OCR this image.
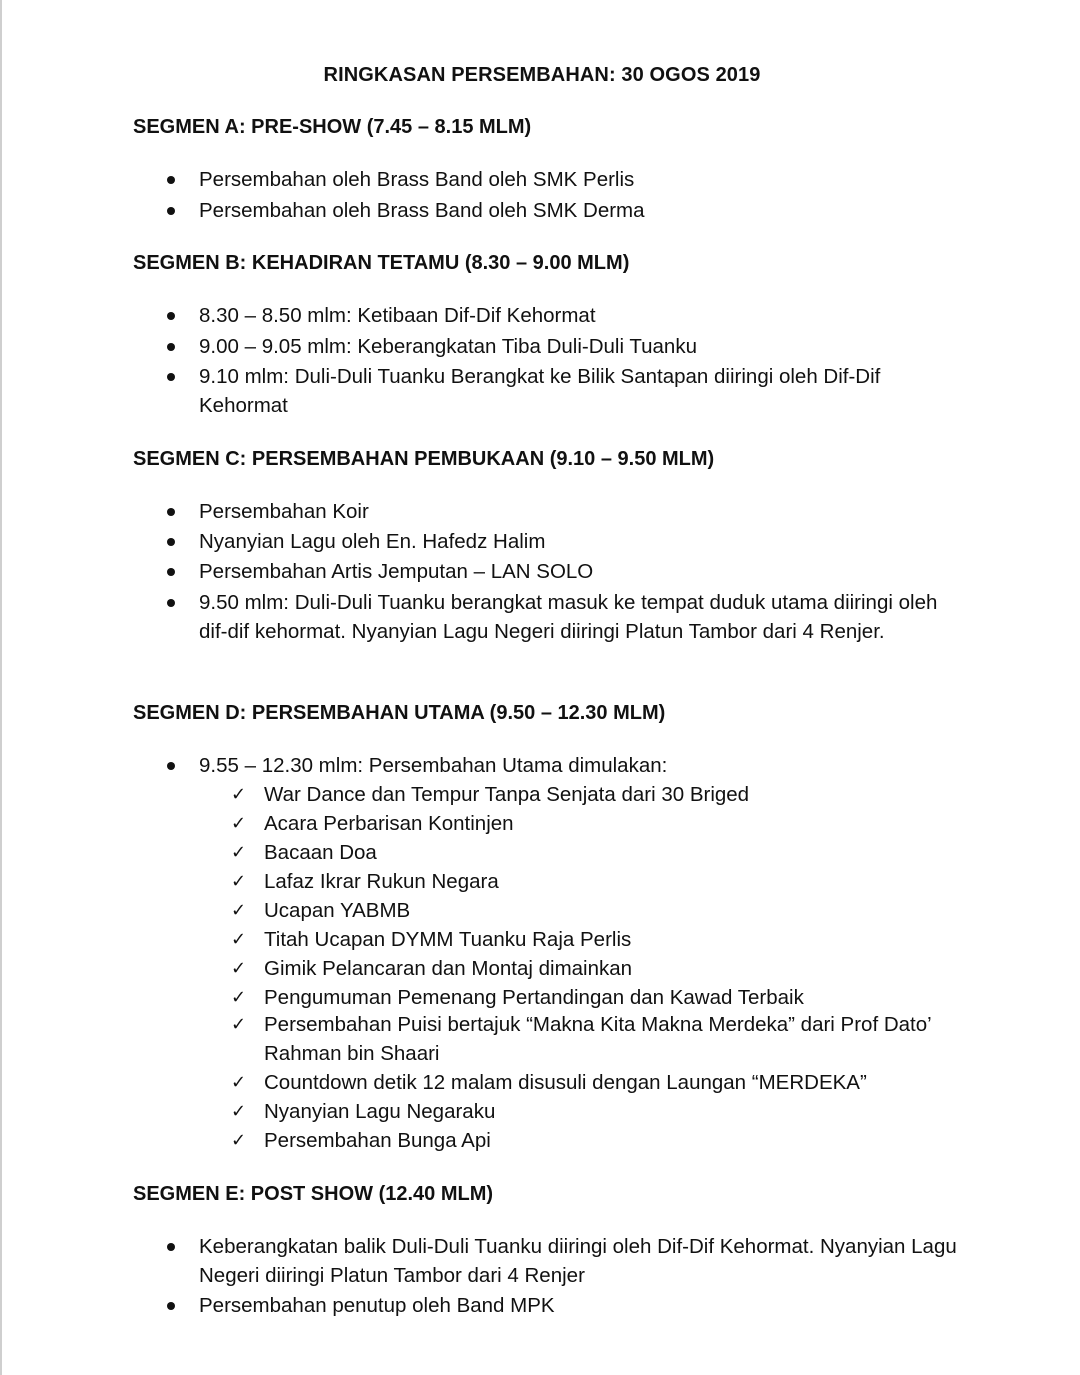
RINGKASAN PERSEMBAHAN: 30 OGOS 2019
SEGMEN A: PRE-SHOW (7.45 – 8.15 MLM)
Persembahan oleh Brass Band oleh SMK Perlis
Persembahan oleh Brass Band oleh SMK Derma
SEGMEN B: KEHADIRAN TETAMU (8.30 – 9.00 MLM)
8.30 – 8.50 mlm: Ketibaan Dif-Dif Kehormat
9.00 – 9.05 mlm: Keberangkatan Tiba Duli-Duli Tuanku
9.10 mlm: Duli-Duli Tuanku Berangkat ke Bilik Santapan diiringi oleh Dif-Dif Kehormat
SEGMEN C: PERSEMBAHAN PEMBUKAAN (9.10 – 9.50 MLM)
Persembahan Koir
Nyanyian Lagu oleh En. Hafedz Halim
Persembahan Artis Jemputan – LAN SOLO
9.50 mlm: Duli-Duli Tuanku berangkat masuk ke tempat duduk utama diiringi oleh dif-dif kehormat. Nyanyian Lagu Negeri diiringi Platun Tambor dari 4 Renjer.
SEGMEN D: PERSEMBAHAN UTAMA (9.50 – 12.30 MLM)
9.55 – 12.30 mlm: Persembahan Utama dimulakan:
✓ War Dance dan Tempur Tanpa Senjata dari 30 Briged
✓ Acara Perbarisan Kontinjen
✓ Bacaan Doa
✓ Lafaz Ikrar Rukun Negara
✓ Ucapan YABMB
✓ Titah Ucapan DYMM Tuanku Raja Perlis
✓ Gimik Pelancaran dan Montaj dimainkan
✓ Pengumuman Pemenang Pertandingan dan Kawad Terbaik
✓ Persembahan Puisi bertajuk “Makna Kita Makna Merdeka” dari Prof Dato’ Rahman bin Shaari
✓ Countdown detik 12 malam disusuli dengan Laungan “MERDEKA”
✓ Nyanyian Lagu Negaraku
✓ Persembahan Bunga Api
SEGMEN E: POST SHOW (12.40 MLM)
Keberangkatan balik Duli-Duli Tuanku diiringi oleh Dif-Dif Kehormat. Nyanyian Lagu Negeri diiringi Platun Tambor dari 4 Renjer
Persembahan penutup oleh Band MPK
